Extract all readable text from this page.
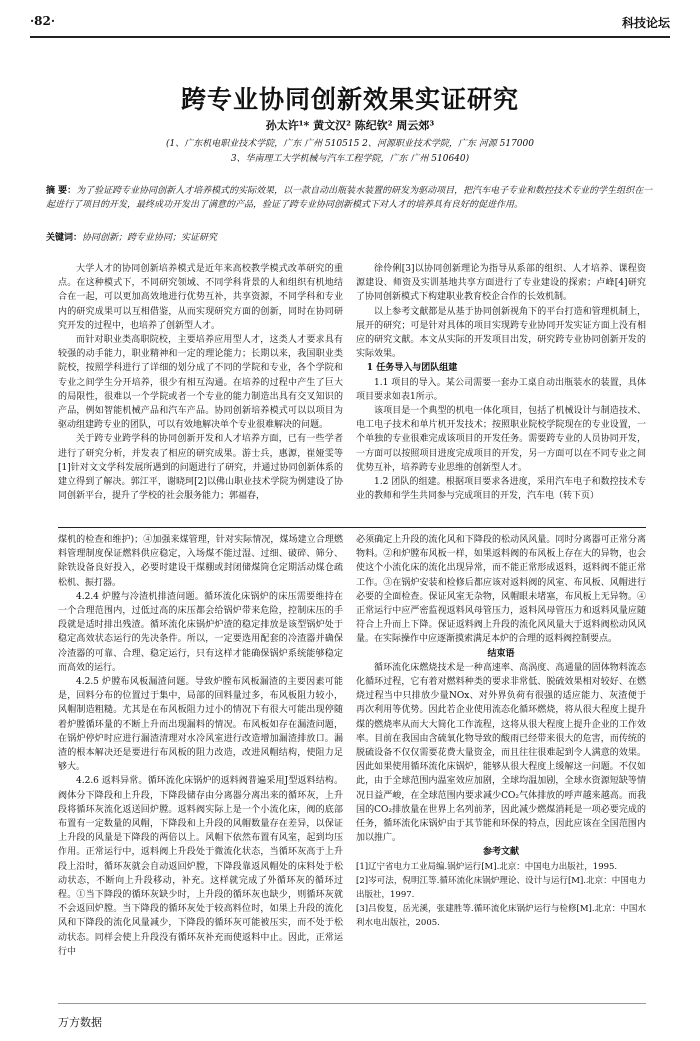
·82·	科技论坛
跨专业协同创新效果实证研究
孙太许¹* 黄文汉² 陈纪钦² 周云郊³
(1、广东机电职业技术学院，广东 广州 510515 2、河源职业技术学院，广东 河源 517000
3、华南理工大学机械与汽车工程学院，广东 广州 510640)
摘 要：为了验证跨专业协同创新人才培养模式的实际效果，以一款自动出瓶装水装置的研发为驱动项目，把汽车电子专业和数控技术专业的学生组织在一起进行了项目的开发，最终成功开发出了满意的产品，验证了跨专业协同创新模式下对人才的培养具有良好的促进作用。
关键词：协同创新；跨专业协同；实证研究

大学人才的协同创新培养模式是近年来高校教学模式改革研究的重点。在这种模式下，不同研究领域、不同学科背景的人和组织有机地结合在一起，可以更加高效地进行优势互补，共享资源，不同学科和专业内的研究成果可以互相借鉴，从而实现研究方面的创新，同时在协同研究开发的过程中，也培养了创新型人才。

而针对职业类高职院校，主要培养应用型人才，这类人才要求具有较强的动手能力，职业精神和一定的理论能力；长期以来，我国职业类院校，按照学科进行了详细的划分成了不同的学院和专业，各个学院和专业之间学生分开培养，很少有相互沟通。在培养的过程中产生了巨大的局限性，很难以一个学院或者一个专业的能力制造出具有交叉知识的产品，例如智能机械产品和汽车产品。协同创新培养模式可以以项目为驱动组建跨专业的团队，可以有效地解决单个专业很难解决的问题。

关于跨专业跨学科的协同创新开发和人才培养方面，已有一些学者进行了研究分析，并发表了相应的研究成果。游士兵，惠源，崔娅雯等[1]针对文文学科发展所遇到的问题进行了研究，并通过协同创新体系的建立得到了解决。郭江平，谢晓珂[2]以佛山职业技术学院为例建设了协同创新平台，提升了学校的社会服务能力；郭福春，

徐伶俐[3]以协同创新理论为指导从系部的组织、人才培养、课程资源建设、师资及实训基地共享方面进行了专业建设的探索；卢峰[4]研究了协同创新模式下构建职业教育校企合作的长效机制。

以上参考文献都是从基于协同创新视角下的平台打造和管理机制上，展开的研究；可是针对具体的项目实现跨专业协同开发实证方面上没有相应的研究文献。本文从实际的开发项目出发，研究跨专业协同创新开发的实际效果。

1 任务导入与团队组建

1.1 项目的导入。某公司需要一套办工桌自动出瓶装水的装置，具体项目要求如表1所示。

该项目是一个典型的机电一体化项目，包括了机械设计与制造技术、电工电子技术和单片机开发技术；按照职业院校学院现在的专业设置，一个单独的专业很难完成该项目的开发任务。需要跨专业的人员协同开发，一方面可以按照项目进度完成项目的开发，另一方面可以在不同专业之间优势互补，培养跨专业思维的创新型人才。

1.2 团队的组建。根据项目要求各进度，采用汽车电子和数控技术专业的教师和学生共同参与完成项目的开发，汽车电（转下页）

煤机的检查和维护)；④加强来煤管理，针对实际情况，煤场建立合理燃料管理制度保证燃料供应稳定，入场煤不能过湿、过细、破碎、筛分、除铁设备良好投入，必要时建设干煤棚或封闭储煤筒仓定期活动煤仓疏松机、振打器。

4.2.4 炉膛与冷渣机排渣问题。循环流化床锅炉的床压需要维持在一个合理范围内，过低过高的床压都会给锅炉带来危险，控制床压的手段就是适时排出残渣。循环流化床锅炉炉渣的稳定排放是该型锅炉处于稳定高效状态运行的先决条件。所以，一定要选用配套的冷渣器并确保冷渣器的可靠、合理、稳定运行，只有这样才能确保锅炉系统能够稳定而高效的运行。

4.2.5 炉膛布风板漏渣问题。导致炉膛布风板漏渣的主要因素可能是，回料分布的位置过于集中，局部的回料量过多，布风板阻力较小，风帽制造粗糙。尤其是在布风板阻力过小的情况下有很大可能出现停随着炉膛循环量的不断上升而出现漏料的情况。布风板如存在漏渣问题，在锅炉停炉时应进行漏渣清理对水冷风室进行改造增加漏渣排放口。漏渣的根本解决还是要进行布风板的阻力改造，改进风帽结构，使阻力足够大。

4.2.6 返料异常。循环流化床锅炉的返料阀普遍采用J型返料结构。阀体分下降段和上升段，下降段储存由分离器分离出来的循环灰，上升段将循环灰流化返送回炉膛。返料阀实际上是一个小流化床，阀的底部布置有一定数量的风帽，下降段和上升段的风帽数量存在差异，以保证上升段的风量是下降段的两倍以上。风帽下依然布置有风室，起到均压作用。正常运行中，返料阀上升段处于微流化状态，当循环灰高于上升段上沿时，循环灰就会自动返回炉膛，下降段靠返风帽处的床料处于松动状态，不断向上升段移动，补充。这样就完成了外循环灰的循环过程。①当下降段的循环灰缺少时，上升段的循环灰也缺少，则循环灰就不会返回炉膛。当下降段的循环灰处于较高料位时，如果上升段的流化风和下降段的流化风量减少，下降段的循环灰可能被压实，而不处于松动状态。同样会使上升段没有循环灰补充而使返料中止。因此，正常运行中

必须确定上升段的流化风和下降段的松动风风量。同时分离器可正常分离物料。②和炉膛布风板一样，如果返料阀的布风板上存在大的异物，也会使这个小流化床的流化出现异常，而不能正常形成返料，返料阀不能正常工作。③在锅炉安装和检修后都应该对返料阀的风室、布风板、风帽进行必要的全面检查。保证风室无杂物，风帽眼未堵塞，布风板上无异物。④正常运行中应严密监视返料风母管压力，返料风母管压力和返料风量应随符合上升而上下降。保证返料阀上升段的流化风风量大于返料阀松动风风量。在实际操作中应逐渐摸索满足本炉的合理的返料阀控制要点。

结束语

循环流化床燃烧技术是一种高速率、高涡度、高通量的固体物料流态化循环过程，它有着对燃料种类的要求非常低、脱硫效果相对较好、在燃烧过程当中只排放少量NOx、对外界负荷有很强的适应能力、灰渣便于再次利用等优势。因此若企业使用流态化循环燃烧，将从很大程度上提升煤的燃烧率从而大大简化工作流程，这将从很大程度上提升企业的工作效率。目前在我国由含硫氧化物导致的酸雨已经带来很大的危害，而传统的脱硫设备不仅仅需要花费大量资金，而且往往很难起到令人满意的效果。因此如果使用循环流化床锅炉，能够从很大程度上缓解这一问题。不仅如此，由于全球范围内温室效应加剧，全球均温加剧，全球水资源短缺等情况日益严峻，在全球范围内要求减少CO₂气体排放的呼声越来越高。而我国的CO₂排放量在世界上名列前茅，因此减少燃煤消耗是一项必要完成的任务，循环流化床锅炉由于其节能和环保的特点，因此应该在全国范围内加以推广。

参考文献

[1]辽宁省电力工业局编.锅炉运行[M].北京：中国电力出版社，1995.

[2]岑可法，倪明江等.循环流化床锅炉理论、设计与运行[M].北京：中国电力出版社，1997.

[3]吕俊复，岳光溪，张建胜等.循环流化床锅炉运行与检修[M].北京：中国水利水电出版社，2005.

万方数据
